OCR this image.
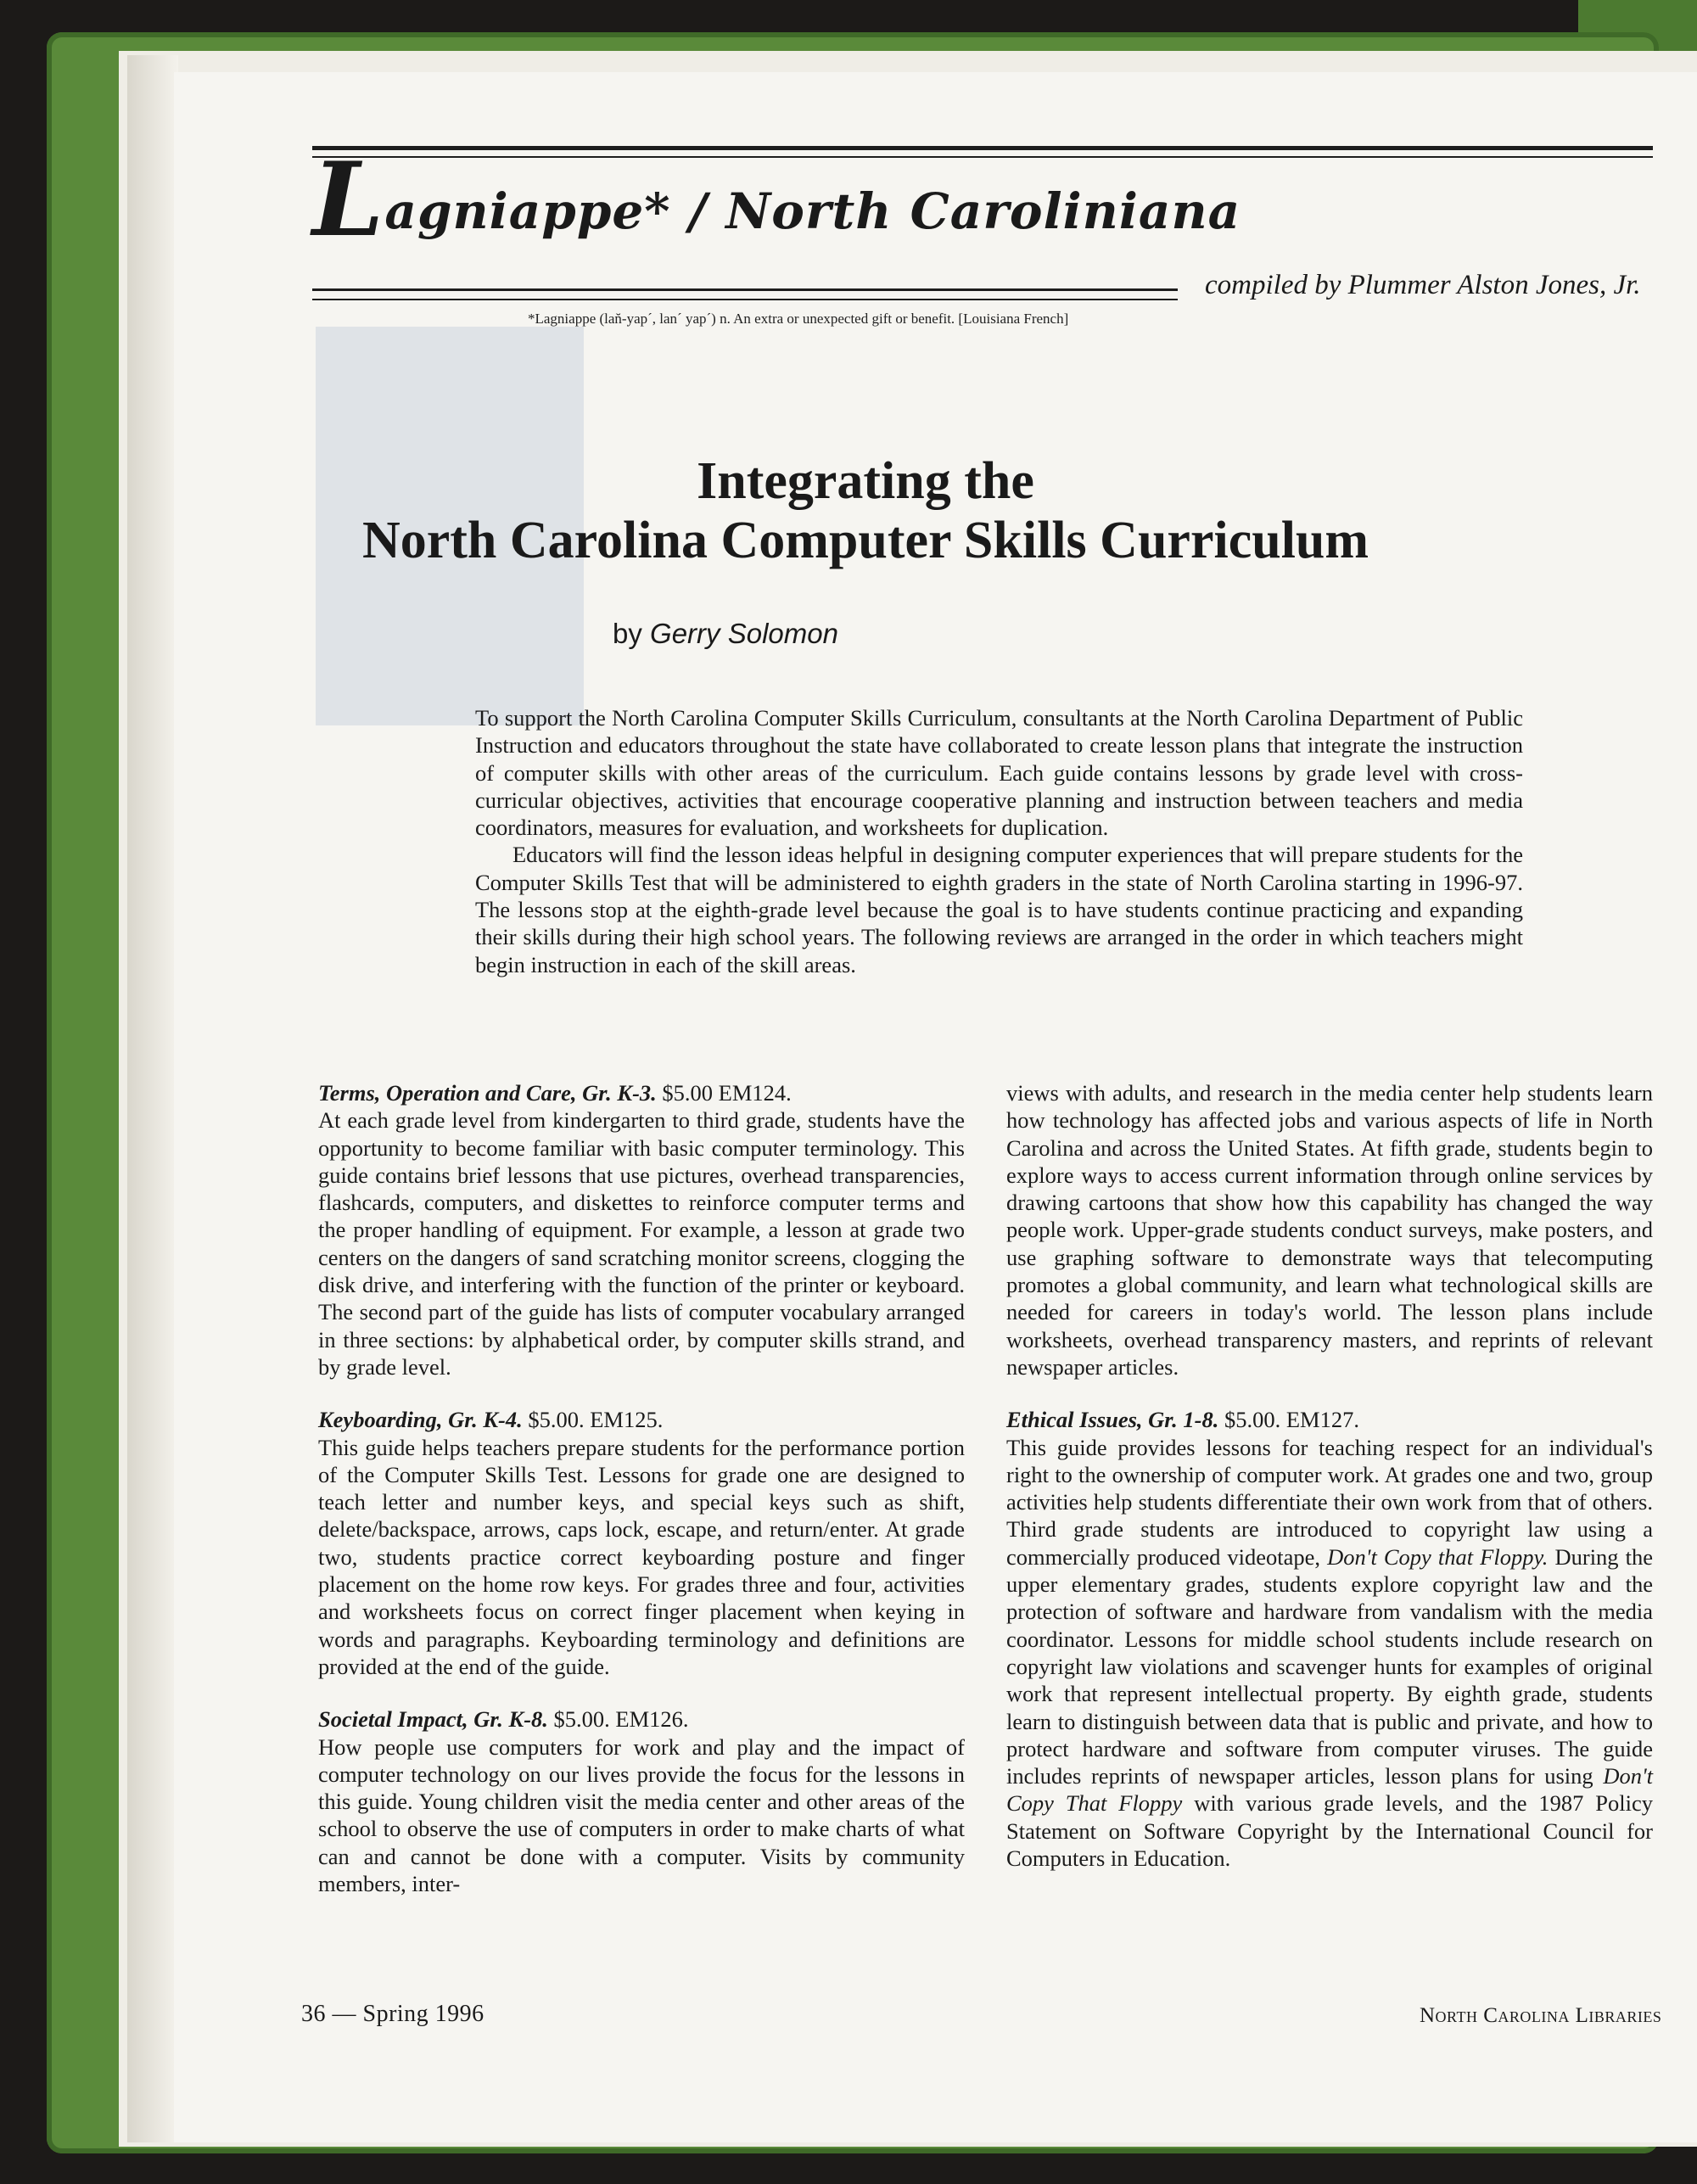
Lagniappe* / North Caroliniana
compiled by Plummer Alston Jones, Jr.
*Lagniappe (lan̆-yap´, lan´ yap´) n. An extra or unexpected gift or benefit. [Louisiana French]
Integrating the
North Carolina Computer Skills Curriculum
by Gerry Solomon

To support the North Carolina Computer Skills Curriculum, consultants at the North Carolina Department of Public Instruction and educators throughout the state have collaborated to create lesson plans that integrate the instruction of computer skills with other areas of the curriculum. Each guide contains lessons by grade level with cross-curricular objectives, activities that encourage cooperative planning and instruction between teachers and media coordinators, measures for evaluation, and worksheets for duplication.

Educators will find the lesson ideas helpful in designing computer experiences that will prepare students for the Computer Skills Test that will be administered to eighth graders in the state of North Carolina starting in 1996-97. The lessons stop at the eighth-grade level because the goal is to have students continue practicing and expanding their skills during their high school years. The following reviews are arranged in the order in which teachers might begin instruction in each of the skill areas.

Terms, Operation and Care, Gr. K-3. $5.00 EM124.

At each grade level from kindergarten to third grade, students have the opportunity to become familiar with basic computer terminology. This guide contains brief lessons that use pictures, overhead transparencies, flashcards, computers, and diskettes to reinforce computer terms and the proper handling of equipment. For example, a lesson at grade two centers on the dangers of sand scratching monitor screens, clogging the disk drive, and interfering with the function of the printer or keyboard. The second part of the guide has lists of computer vocabulary arranged in three sections: by alphabetical order, by computer skills strand, and by grade level.

Keyboarding, Gr. K-4. $5.00. EM125.

This guide helps teachers prepare students for the performance portion of the Computer Skills Test. Lessons for grade one are designed to teach letter and number keys, and special keys such as shift, delete/backspace, arrows, caps lock, escape, and return/enter. At grade two, students practice correct keyboarding posture and finger placement on the home row keys. For grades three and four, activities and worksheets focus on correct finger placement when keying in words and paragraphs. Keyboarding terminology and definitions are provided at the end of the guide.

Societal Impact, Gr. K-8. $5.00. EM126.

How people use computers for work and play and the impact of computer technology on our lives provide the focus for the lessons in this guide. Young children visit the media center and other areas of the school to observe the use of computers in order to make charts of what can and cannot be done with a computer. Visits by community members, inter-

views with adults, and research in the media center help students learn how technology has affected jobs and various aspects of life in North Carolina and across the United States. At fifth grade, students begin to explore ways to access current information through online services by drawing cartoons that show how this capability has changed the way people work. Upper-grade students conduct surveys, make posters, and use graphing software to demonstrate ways that telecomputing promotes a global community, and learn what technological skills are needed for careers in today's world. The lesson plans include worksheets, overhead transparency masters, and reprints of relevant newspaper articles.

Ethical Issues, Gr. 1-8. $5.00. EM127.

This guide provides lessons for teaching respect for an individual's right to the ownership of computer work. At grades one and two, group activities help students differentiate their own work from that of others. Third grade students are introduced to copyright law using a commercially produced videotape, Don't Copy that Floppy. During the upper elementary grades, students explore copyright law and the protection of software and hardware from vandalism with the media coordinator. Lessons for middle school students include research on copyright law violations and scavenger hunts for examples of original work that represent intellectual property. By eighth grade, students learn to distinguish between data that is public and private, and how to protect hardware and software from computer viruses. The guide includes reprints of newspaper articles, lesson plans for using Don't Copy That Floppy with various grade levels, and the 1987 Policy Statement on Software Copyright by the International Council for Computers in Education.

36 — Spring 1996	North Carolina Libraries
